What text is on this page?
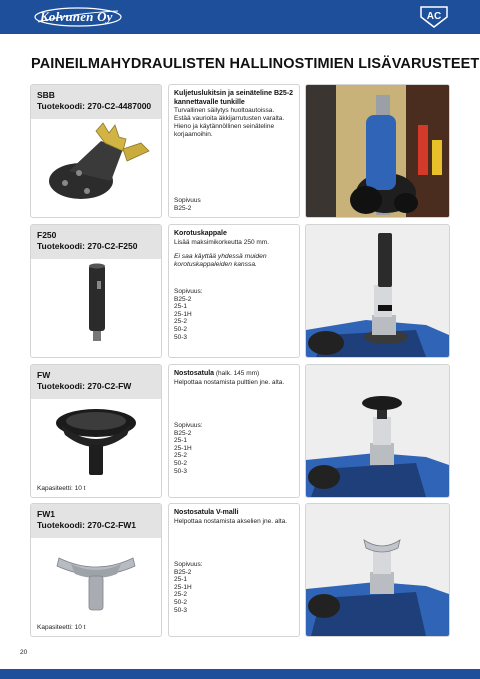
Kolvunen Oy	AC
PAINEILMAHYDRAULISTEN HALLINOSTIMIEN LISÄVARUSTEET
SBB
Tuotekoodi: 270-C2-4487000
Kuljetuslukitsin ja seinäteline B25-2 kannettavalle tunkille
Turvallinen säilytys huoltoautoissa.
Estää vaurioita äkkijarrutusten varalta.
Hieno ja käytännöllinen seinäteline korjaamoihin.
Sopivuus
B25-2
F250
Tuotekoodi: 270-C2-F250
Korotuskappale
Lisää maksimikorkeutta 250 mm.
Ei saa käyttää yhdessä muiden korotuskappaleiden kanssa.
Sopivuus:
B25-2
25-1
25-1H
25-2
50-2
50-3
FW
Tuotekoodi: 270-C2-FW
Kapasiteetti: 10 t
Nostosatula (halk. 145 mm)
Helpottaa nostamista pulttien jne. alta.
Sopivuus:
B25-2
25-1
25-1H
25-2
50-2
50-3
FW1
Tuotekoodi: 270-C2-FW1
Kapasiteetti: 10 t
Nostosatula V-malli
Helpottaa nostamista akselien jne. alta.
Sopivuus:
B25-2
25-1
25-1H
25-2
50-2
50-3
20
